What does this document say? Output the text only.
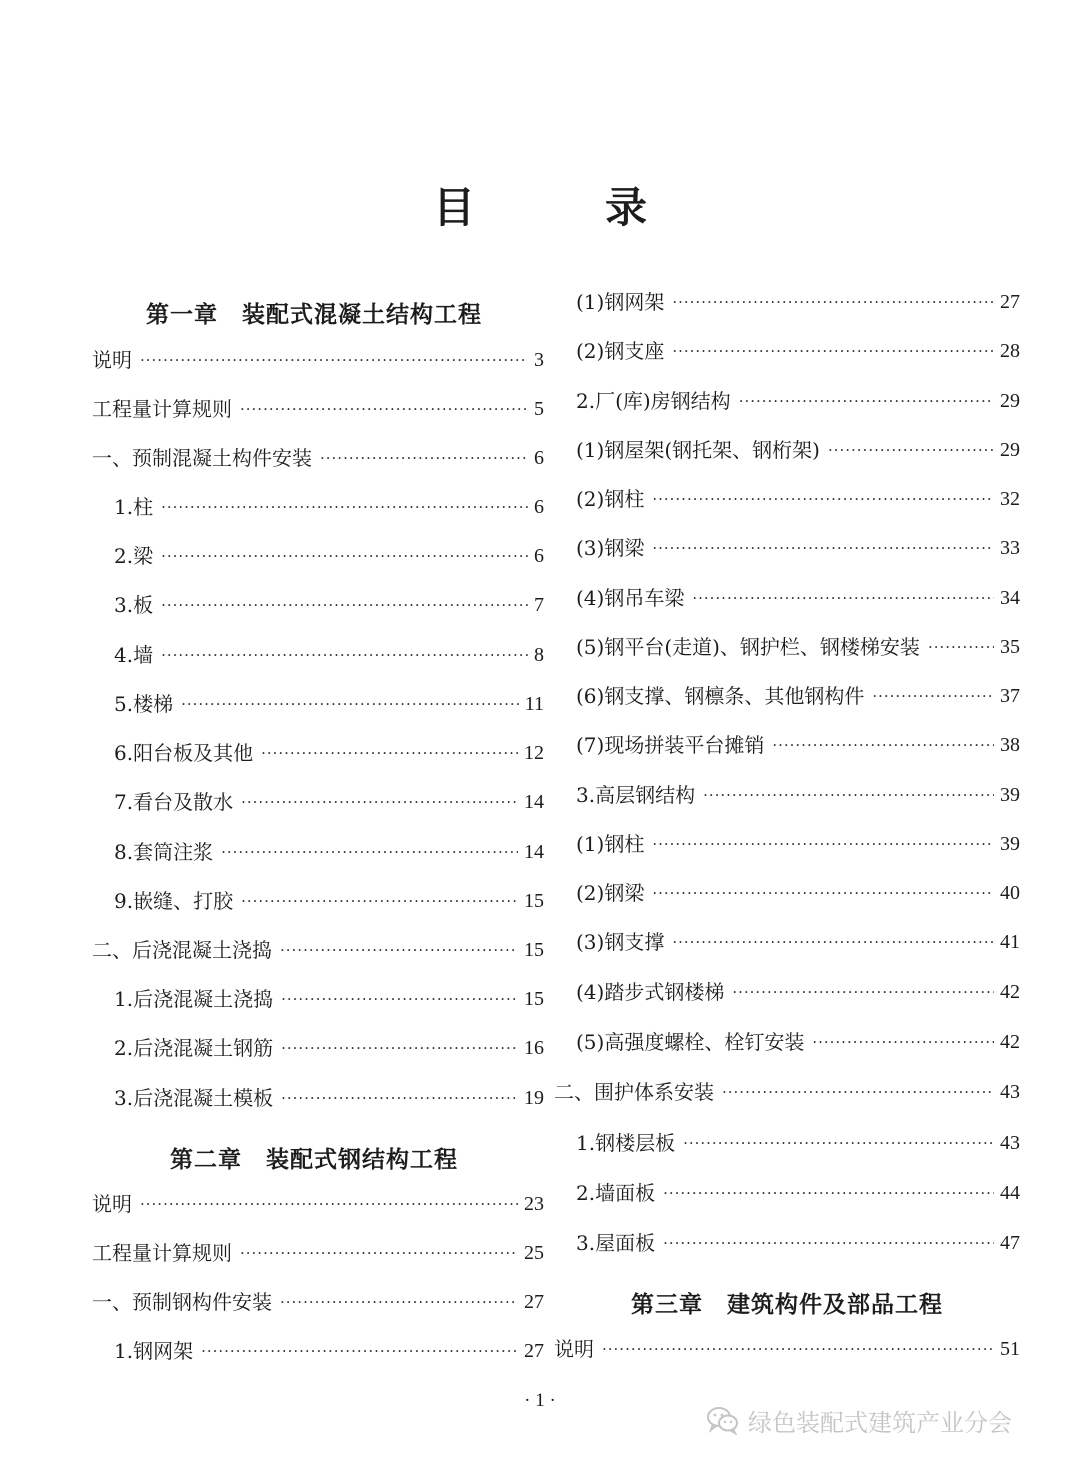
目　录
第一章 装配式混凝土结构工程
说明 ·····	3
工程量计算规则 ·····	5
一、预制混凝土构件安装 ·····	6
1.柱 ·····	6
2.梁 ·····	6
3.板 ·····	7
4.墙 ·····	8
5.楼梯 ·····	11
6.阳台板及其他 ·····	12
7.看台及散水 ·····	14
8.套筒注浆 ·····	14
9.嵌缝、打胶 ·····	15
二、后浇混凝土浇捣 ·····	15
1.后浇混凝土浇捣 ·····	15
2.后浇混凝土钢筋 ·····	16
3.后浇混凝土模板 ·····	19
第二章 装配式钢结构工程
说明 ·····	23
工程量计算规则 ·····	25
一、预制钢构件安装 ·····	27
1.钢网架 ·····	27
(1)钢网架 ·····	27
(2)钢支座 ·····	28
2.厂(库)房钢结构 ·····	29
(1)钢屋架(钢托架、钢桁架) ·····	29
(2)钢柱 ·····	32
(3)钢梁 ·····	33
(4)钢吊车梁 ·····	34
(5)钢平台(走道)、钢护栏、钢楼梯安装 ·····	35
(6)钢支撑、钢檩条、其他钢构件 ·····	37
(7)现场拼装平台摊销 ·····	38
3.高层钢结构 ·····	39
(1)钢柱 ·····	39
(2)钢梁 ·····	40
(3)钢支撑 ·····	41
(4)踏步式钢楼梯 ·····	42
(5)高强度螺栓、栓钉安装 ·····	42
二、围护体系安装 ·····	43
1.钢楼层板 ·····	43
2.墙面板 ·····	44
3.屋面板 ·····	47
第三章 建筑构件及部品工程
说明 ·····	51
· 1 ·
绿色装配式建筑产业分会
